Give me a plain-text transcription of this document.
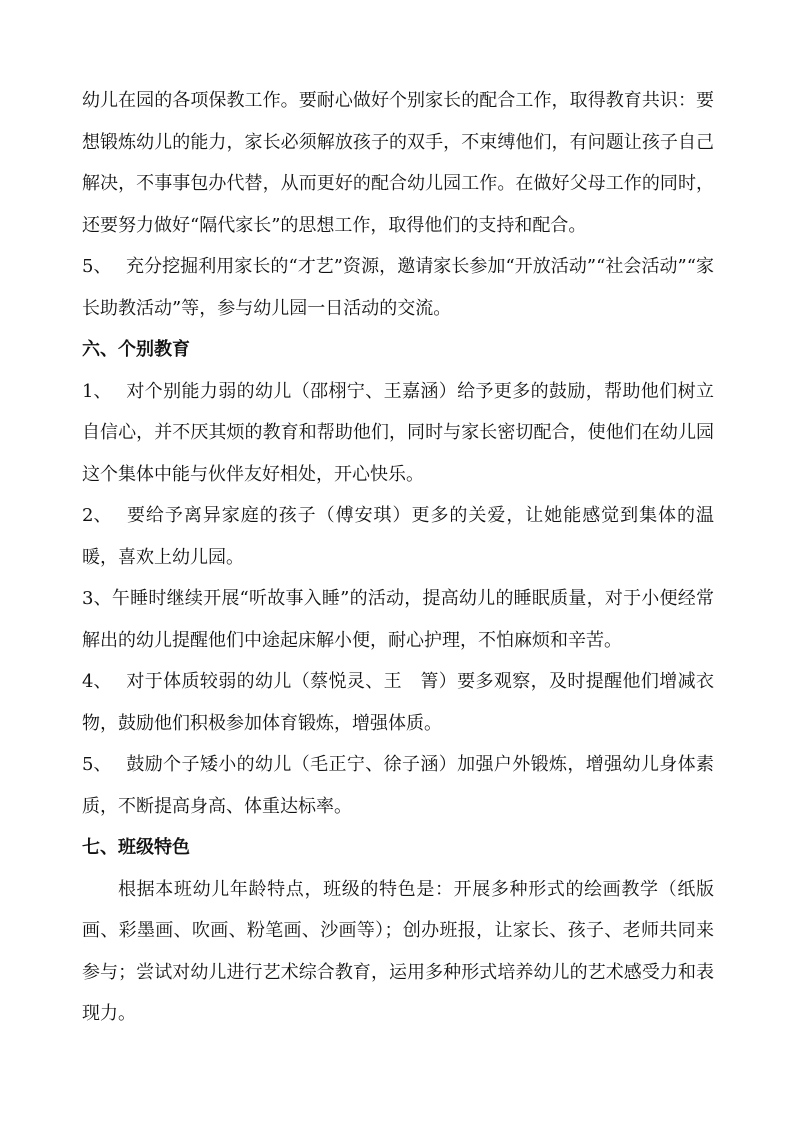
幼儿在园的各项保教工作。要耐心做好个别家长的配合工作，取得教育共识：要想锻炼幼儿的能力，家长必须解放孩子的双手，不束缚他们，有问题让孩子自己解决，不事事包办代替，从而更好的配合幼儿园工作。在做好父母工作的同时，还要努力做好“隔代家长”的思想工作，取得他们的支持和配合。

5、 充分挖掘利用家长的“才艺”资源，邀请家长参加“开放活动”“社会活动”“家长助教活动”等，参与幼儿园一日活动的交流。

六、个别教育

1、 对个别能力弱的幼儿（邵栩宁、王嘉涵）给予更多的鼓励，帮助他们树立自信心，并不厌其烦的教育和帮助他们，同时与家长密切配合，使他们在幼儿园这个集体中能与伙伴友好相处，开心快乐。

2、 要给予离异家庭的孩子（傅安琪）更多的关爱，让她能感觉到集体的温暖，喜欢上幼儿园。

3、午睡时继续开展“听故事入睡”的活动，提高幼儿的睡眠质量，对于小便经常解出的幼儿提醒他们中途起床解小便，耐心护理，不怕麻烦和辛苦。

4、 对于体质较弱的幼儿（蔡悦灵、王　箐）要多观察，及时提醒他们增减衣物，鼓励他们积极参加体育锻炼，增强体质。

5、 鼓励个子矮小的幼儿（毛正宁、徐子涵）加强户外锻炼，增强幼儿身体素质，不断提高身高、体重达标率。

七、班级特色

根据本班幼儿年龄特点，班级的特色是：开展多种形式的绘画教学（纸版画、彩墨画、吹画、粉笔画、沙画等）；创办班报，让家长、孩子、老师共同来参与；尝试对幼儿进行艺术综合教育，运用多种形式培养幼儿的艺术感受力和表现力。
